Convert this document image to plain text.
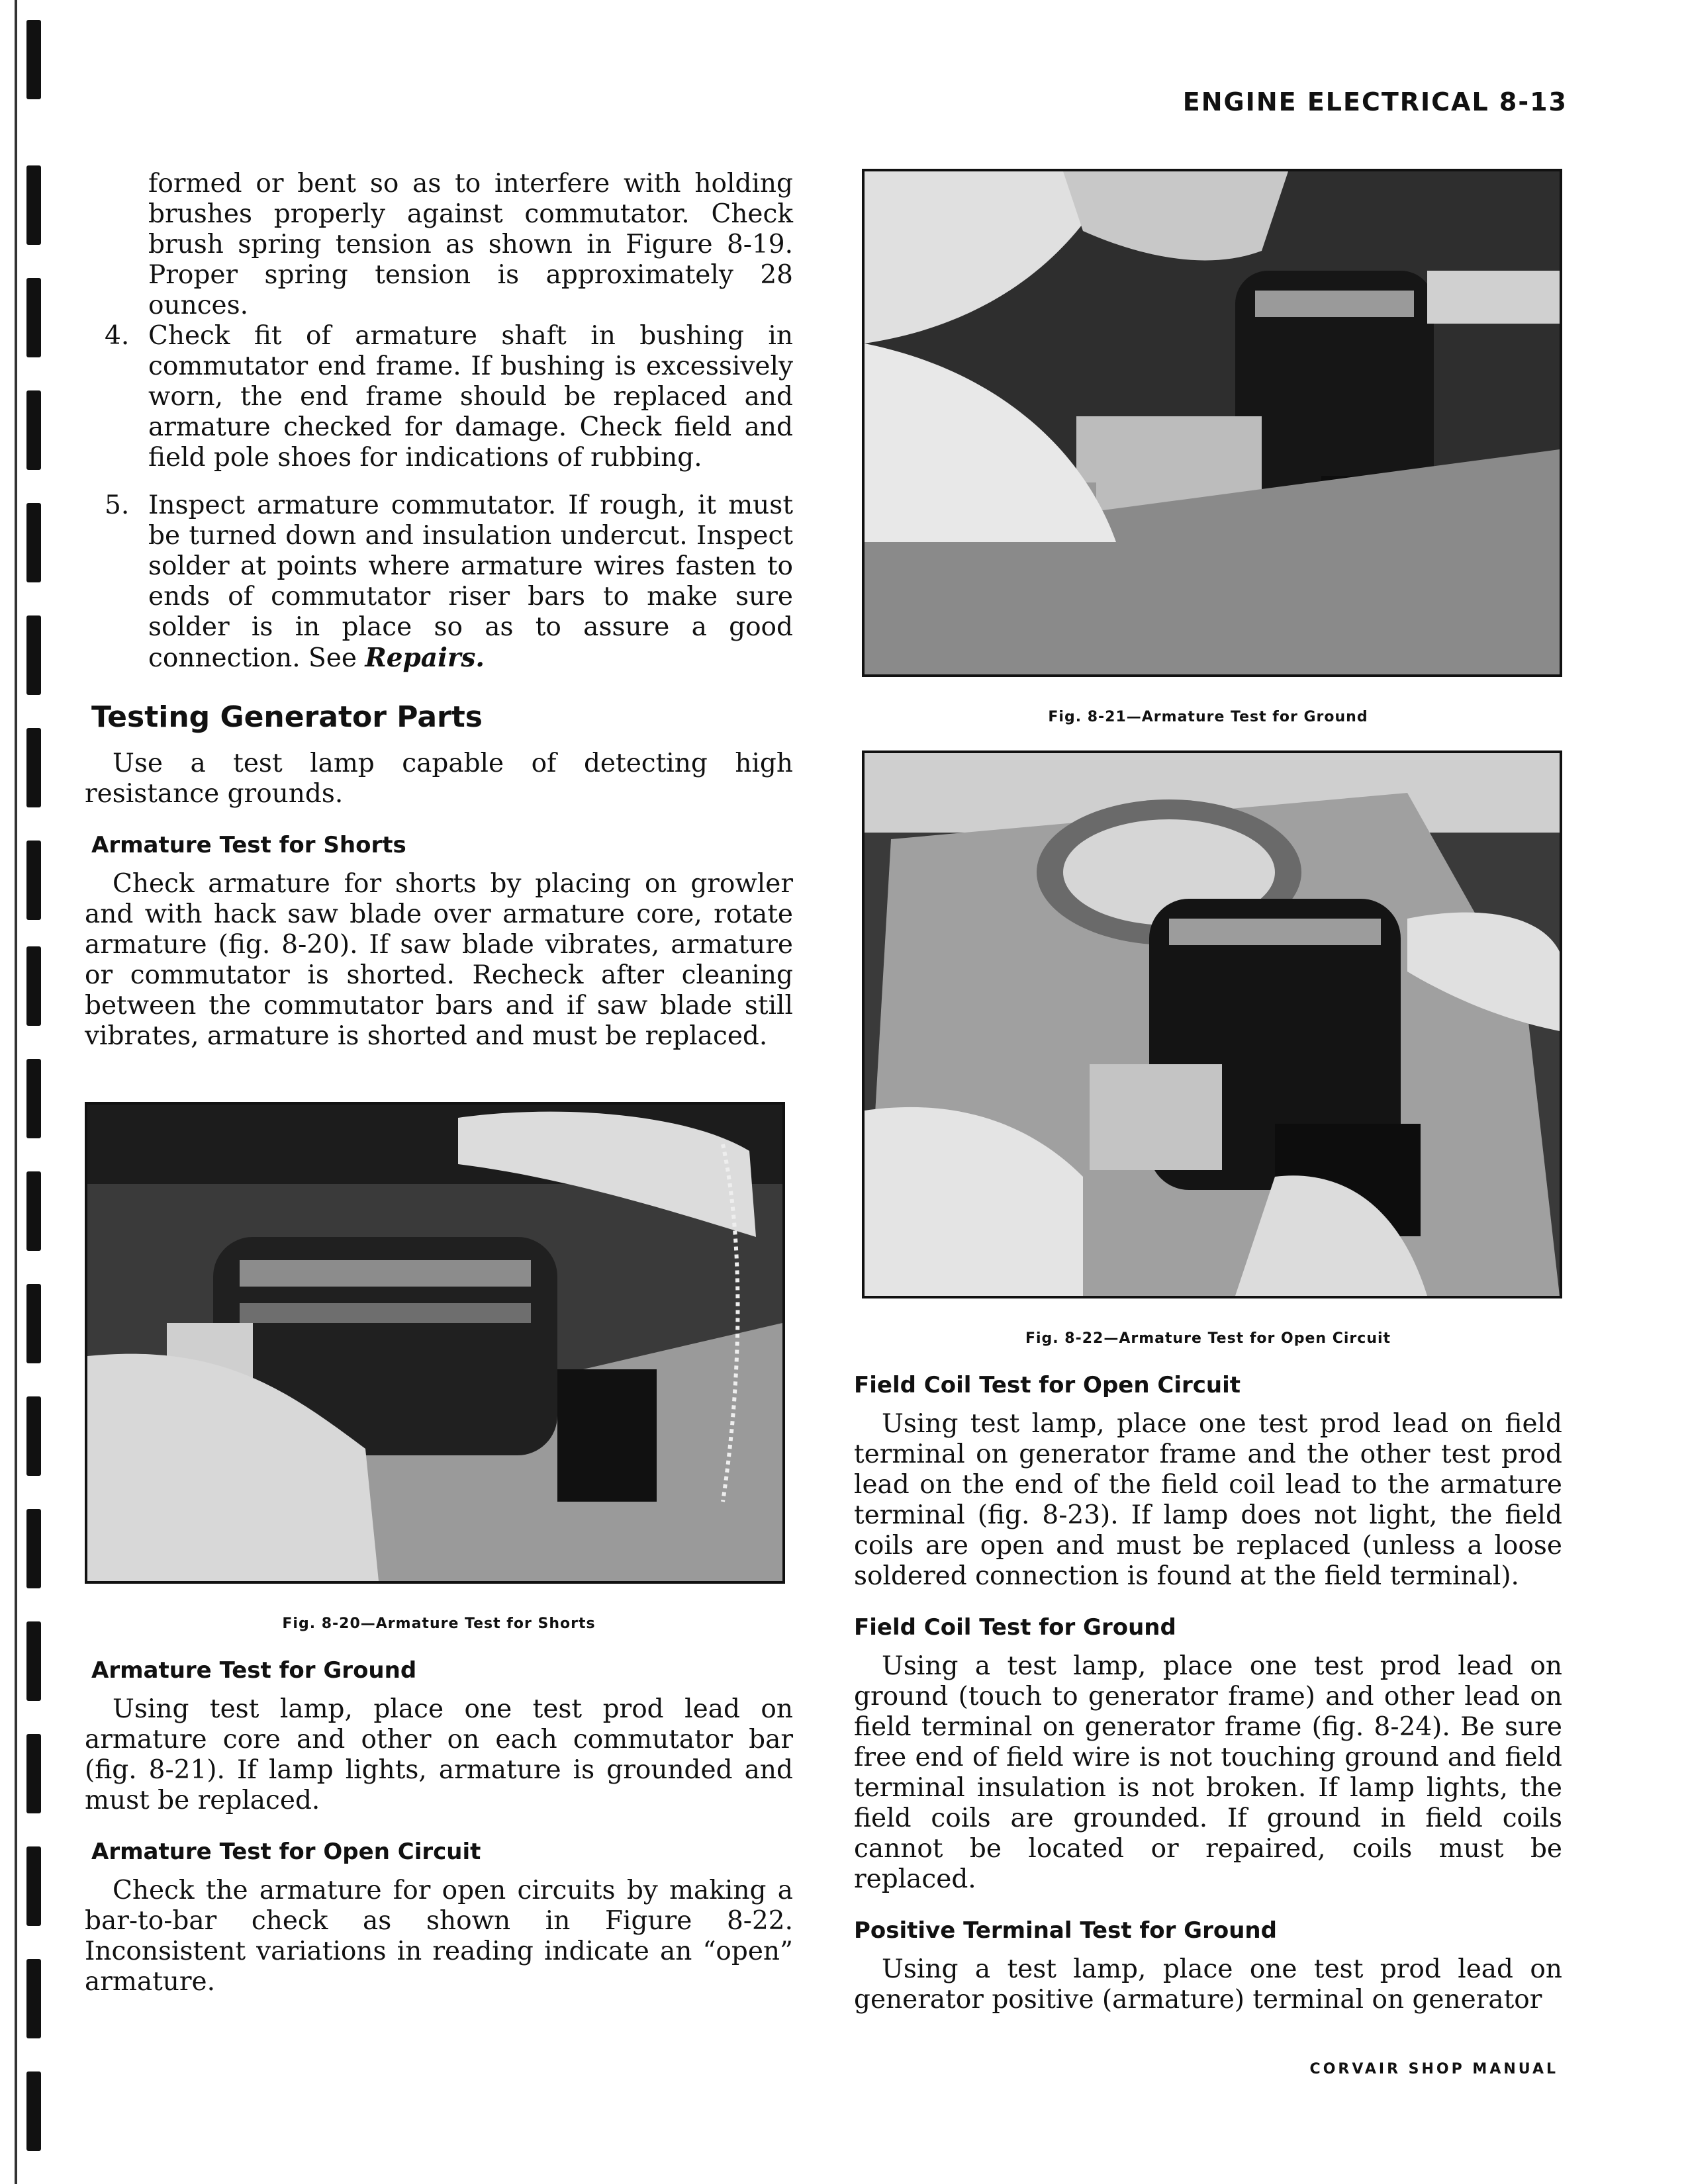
ENGINE ELECTRICAL 8-13

formed or bent so as to interfere with holding brushes properly against commutator. Check brush spring tension as shown in Figure 8-19. Proper spring tension is approximately 28 ounces.

4. Check fit of armature shaft in bushing in commutator end frame. If bushing is excessively worn, the end frame should be replaced and armature checked for damage. Check field and field pole shoes for indications of rubbing.
5. Inspect armature commutator. If rough, it must be turned down and insulation undercut. Inspect solder at points where armature wires fasten to ends of commutator riser bars to make sure solder is in place so as to assure a good connection. See Repairs.
Testing Generator Parts

Use a test lamp capable of detecting high resistance grounds.

Armature Test for Shorts

Check armature for shorts by placing on growler and with hack saw blade over armature core, rotate armature (fig. 8-20). If saw blade vibrates, armature or commutator is shorted. Recheck after cleaning between the commutator bars and if saw blade still vibrates, armature is shorted and must be replaced.

Fig. 8-20—Armature Test for Shorts
Armature Test for Ground

Using test lamp, place one test prod lead on armature core and other on each commutator bar (fig. 8-21). If lamp lights, armature is grounded and must be replaced.

Armature Test for Open Circuit

Check the armature for open circuits by making a bar-to-bar check as shown in Figure 8-22. Inconsistent variations in reading indicate an “open” armature.

Fig. 8-21—Armature Test for Ground
Fig. 8-22—Armature Test for Open Circuit
Field Coil Test for Open Circuit

Using test lamp, place one test prod lead on field terminal on generator frame and the other test prod lead on the end of the field coil lead to the armature terminal (fig. 8-23). If lamp does not light, the field coils are open and must be replaced (unless a loose soldered connection is found at the field terminal).

Field Coil Test for Ground

Using a test lamp, place one test prod lead on ground (touch to generator frame) and other lead on field terminal on generator frame (fig. 8-24). Be sure free end of field wire is not touching ground and field terminal insulation is not broken. If lamp lights, the field coils are grounded. If ground in field coils cannot be located or repaired, coils must be replaced.

Positive Terminal Test for Ground

Using a test lamp, place one test prod lead on generator positive (armature) terminal on generator

CORVAIR SHOP MANUAL
